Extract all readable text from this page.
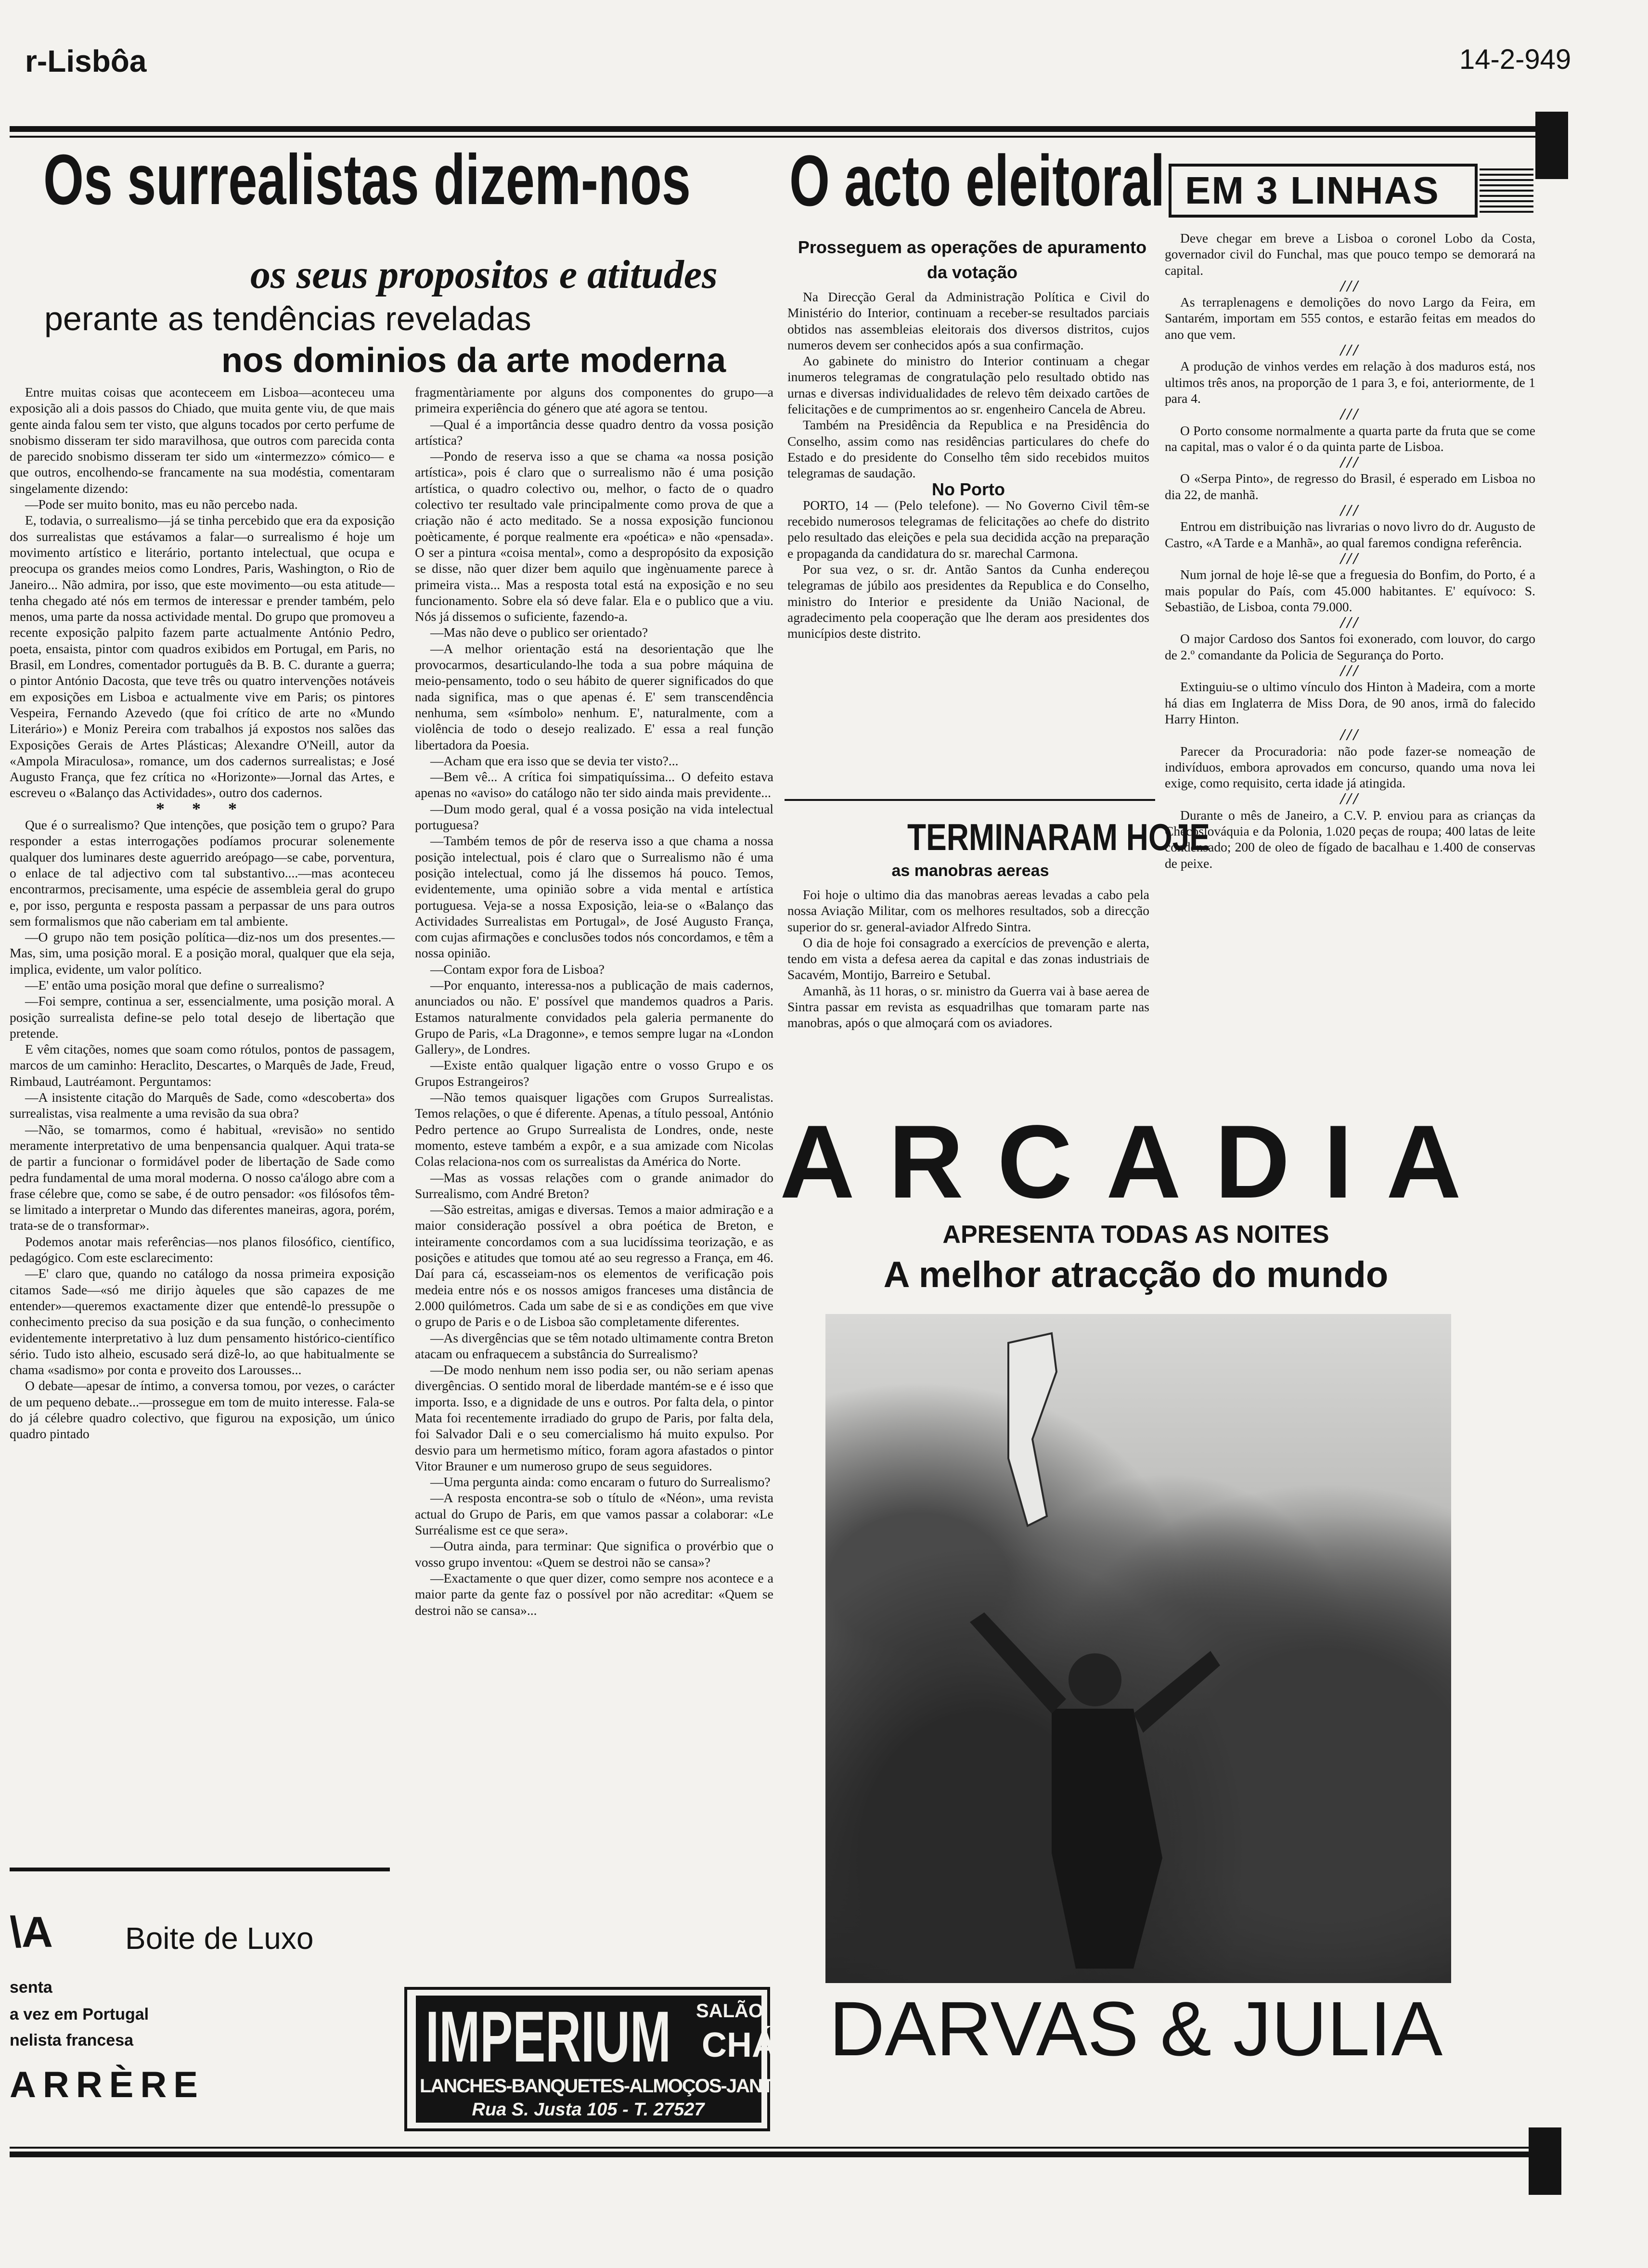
r-Lisbôa	14-2-949
Os surrealistas dizem-nos
os seus propositos e atitudes
perante as tendências reveladas
nos dominios da arte moderna

Entre muitas coisas que aconteceem em Lisboa—aconteceu uma exposição ali a dois passos do Chiado, que muita gente viu, de que mais gente ainda falou sem ter visto, que alguns tocados por certo perfume de snobismo disseram ter sido maravilhosa, que outros com parecida conta de parecido snobismo disseram ter sido um «intermezzo» cómico— e que outros, encolhendo-se francamente na sua modéstia, comentaram singelamente dizendo:

—Pode ser muito bonito, mas eu não percebo nada.

E, todavia, o surrealismo—já se tinha percebido que era da exposição dos surrealistas que estávamos a falar—o surrealismo é hoje um movimento artístico e literário, portanto intelectual, que ocupa e preocupa os grandes meios como Londres, Paris, Washington, o Rio de Janeiro... Não admira, por isso, que este movimento—ou esta atitude—tenha chegado até nós em termos de interessar e prender também, pelo menos, uma parte da nossa actividade mental. Do grupo que promoveu a recente exposição palpito fazem parte actualmente António Pedro, poeta, ensaista, pintor com quadros exibidos em Portugal, em Paris, no Brasil, em Londres, comentador português da B. B. C. durante a guerra; o pintor António Dacosta, que teve três ou quatro intervenções notáveis em exposições em Lisboa e actualmente vive em Paris; os pintores Vespeira, Fernando Azevedo (que foi crítico de arte no «Mundo Literário») e Moniz Pereira com trabalhos já expostos nos salões das Exposições Gerais de Artes Plásticas; Alexandre O'Neill, autor da «Ampola Miraculosa», romance, um dos cadernos surrealistas; e José Augusto França, que fez crítica no «Horizonte»—Jornal das Artes, e escreveu o «Balanço das Actividades», outro dos cadernos.

* * *

Que é o surrealismo? Que intenções, que posição tem o grupo? Para responder a estas interrogações podíamos procurar solenemente qualquer dos luminares deste aguerrido areópago—se cabe, porventura, o enlace de tal adjectivo com tal substantivo....—mas aconteceu encontrarmos, precisamente, uma espécie de assembleia geral do grupo e, por isso, pergunta e resposta passam a perpassar de uns para outros sem formalismos que não caberiam em tal ambiente.

—O grupo não tem posição política—diz-nos um dos presentes.—Mas, sim, uma posição moral. E a posição moral, qualquer que ela seja, implica, evidente, um valor político.

—E' então uma posição moral que define o surrealismo?

—Foi sempre, continua a ser, essencialmente, uma posição moral. A posição surrealista define-se pelo total desejo de libertação que pretende.

E vêm citações, nomes que soam como rótulos, pontos de passagem, marcos de um caminho: Heraclito, Descartes, o Marquês de Jade, Freud, Rimbaud, Lautréamont. Perguntamos:

—A insistente citação do Marquês de Sade, como «descoberta» dos surrealistas, visa realmente a uma revisão da sua obra?

—Não, se tomarmos, como é habitual, «revisão» no sentido meramente interpretativo de uma benpensancia qualquer. Aqui trata-se de partir a funcionar o formidável poder de libertação de Sade como pedra fundamental de uma moral moderna. O nosso ca'álogo abre com a frase célebre que, como se sabe, é de outro pensador: «os filósofos têm-se limitado a interpretar o Mundo das diferentes maneiras, agora, porém, trata-se de o transformar».

Podemos anotar mais referências—nos planos filosófico, científico, pedagógico. Com este esclarecimento:

—E' claro que, quando no catálogo da nossa primeira exposição citamos Sade—«só me dirijo àqueles que são capazes de me entender»—queremos exactamente dizer que entendê-lo pressupõe o conhecimento preciso da sua posição e da sua função, o conhecimento evidentemente interpretativo à luz dum pensamento histórico-científico sério. Tudo isto alheio, escusado será dizê-lo, ao que habitualmente se chama «sadismo» por conta e proveito dos Larousses...

O debate—apesar de íntimo, a conversa tomou, por vezes, o carácter de um pequeno debate...—prossegue em tom de muito interesse. Fala-se do já célebre quadro colectivo, que figurou na exposição, um único quadro pintado

fragmentàriamente por alguns dos componentes do grupo—a primeira experiência do género que até agora se tentou.

—Qual é a importância desse quadro dentro da vossa posição artística?

—Pondo de reserva isso a que se chama «a nossa posição artística», pois é claro que o surrealismo não é uma posição artística, o quadro colectivo ou, melhor, o facto de o quadro colectivo ter resultado vale principalmente como prova de que a criação não é acto meditado. Se a nossa exposição funcionou poèticamente, é porque realmente era «poética» e não «pensada». O ser a pintura «coisa mental», como a despropósito da exposição se disse, não quer dizer bem aquilo que ingènuamente parece à primeira vista... Mas a resposta total está na exposição e no seu funcionamento. Sobre ela só deve falar. Ela e o publico que a viu. Nós já dissemos o suficiente, fazendo-a.

—Mas não deve o publico ser orientado?

—A melhor orientação está na desorientação que lhe provocarmos, desarticulando-lhe toda a sua pobre máquina de meio-pensamento, todo o seu hábito de querer significados do que nada significa, mas o que apenas é. E' sem transcendência nenhuma, sem «símbolo» nenhum. E', naturalmente, com a violência de todo o desejo realizado. E' essa a real função libertadora da Poesia.

—Acham que era isso que se devia ter visto?...

—Bem vê... A crítica foi simpatiquíssima... O defeito estava apenas no «aviso» do catálogo não ter sido ainda mais previdente...

—Dum modo geral, qual é a vossa posição na vida intelectual portuguesa?

—Também temos de pôr de reserva isso a que chama a nossa posição intelectual, pois é claro que o Surrealismo não é uma posição intelectual, como já lhe dissemos há pouco. Temos, evidentemente, uma opinião sobre a vida mental e artística portuguesa. Veja-se a nossa Exposição, leia-se o «Balanço das Actividades Surrealistas em Portugal», de José Augusto França, com cujas afirmações e conclusões todos nós concordamos, e têm a nossa opinião.

—Contam expor fora de Lisboa?

—Por enquanto, interessa-nos a publicação de mais cadernos, anunciados ou não. E' possível que mandemos quadros a Paris. Estamos naturalmente convidados pela galeria permanente do Grupo de Paris, «La Dragonne», e temos sempre lugar na «London Gallery», de Londres.

—Existe então qualquer ligação entre o vosso Grupo e os Grupos Estrangeiros?

—Não temos quaisquer ligações com Grupos Surrealistas. Temos relações, o que é diferente. Apenas, a título pessoal, António Pedro pertence ao Grupo Surrealista de Londres, onde, neste momento, esteve também a expôr, e a sua amizade com Nicolas Colas relaciona-nos com os surrealistas da América do Norte.

—Mas as vossas relações com o grande animador do Surrealismo, com André Breton?

—São estreitas, amigas e diversas. Temos a maior admiração e a maior consideração possível a obra poética de Breton, e inteiramente concordamos com a sua lucidíssima teorização, e as posições e atitudes que tomou até ao seu regresso a França, em 46. Daí para cá, escasseiam-nos os elementos de verificação pois medeia entre nós e os nossos amigos franceses uma distância de 2.000 quilómetros. Cada um sabe de si e as condições em que vive o grupo de Paris e o de Lisboa são completamente diferentes.

—As divergências que se têm notado ultimamente contra Breton atacam ou enfraquecem a substância do Surrealismo?

—De modo nenhum nem isso podia ser, ou não seriam apenas divergências. O sentido moral de liberdade mantém-se e é isso que importa. Isso, e a dignidade de uns e outros. Por falta dela, o pintor Mata foi recentemente irradiado do grupo de Paris, por falta dela, foi Salvador Dali e o seu comercialismo há muito expulso. Por desvio para um hermetismo mítico, foram agora afastados o pintor Vitor Brauner e um numeroso grupo de seus seguidores.

—Uma pergunta ainda: como encaram o futuro do Surrealismo?

—A resposta encontra-se sob o título de «Néon», uma revista actual do Grupo de Paris, em que vamos passar a colaborar: «Le Surréalisme est ce que sera».

—Outra ainda, para terminar: Que significa o provérbio que o vosso grupo inventou: «Quem se destroi não se cansa»?

—Exactamente o que quer dizer, como sempre nos acontece e a maior parte da gente faz o possível por não acreditar: «Quem se destroi não se cansa»...

O acto eleitoral
Prosseguem as operações de apuramento da votação

Na Direcção Geral da Administração Política e Civil do Ministério do Interior, continuam a receber-se resultados parciais obtidos nas assembleias eleitorais dos diversos distritos, cujos numeros devem ser conhecidos após a sua confirmação.

Ao gabinete do ministro do Interior continuam a chegar inumeros telegramas de congratulação pelo resultado obtido nas urnas e diversas individualidades de relevo têm deixado cartões de felicitações e de cumprimentos ao sr. engenheiro Cancela de Abreu.

Também na Presidência da Republica e na Presidência do Conselho, assim como nas residências particulares do chefe do Estado e do presidente do Conselho têm sido recebidos muitos telegramas de saudação.

No Porto

PORTO, 14 — (Pelo telefone). — No Governo Civil têm-se recebido numerosos telegramas de felicitações ao chefe do distrito pelo resultado das eleições e pela sua decidida acção na preparação e propaganda da candidatura do sr. marechal Carmona.

Por sua vez, o sr. dr. Antão Santos da Cunha endereçou telegramas de júbilo aos presidentes da Republica e do Conselho, ministro do Interior e presidente da União Nacional, de agradecimento pela cooperação que lhe deram aos presidentes dos municípios deste distrito.

TERMINARAM HOJE
as manobras aereas

Foi hoje o ultimo dia das manobras aereas levadas a cabo pela nossa Aviação Militar, com os melhores resultados, sob a direcção superior do sr. general-aviador Alfredo Sintra.

O dia de hoje foi consagrado a exercícios de prevenção e alerta, tendo em vista a defesa aerea da capital e das zonas industriais de Sacavém, Montijo, Barreiro e Setubal.

Amanhã, às 11 horas, o sr. ministro da Guerra vai à base aerea de Sintra passar em revista as esquadrilhas que tomaram parte nas manobras, após o que almoçará com os aviadores.

EM 3 LINHAS

Deve chegar em breve a Lisboa o coronel Lobo da Costa, governador civil do Funchal, mas que pouco tempo se demorará na capital.

///

As terraplenagens e demolições do novo Largo da Feira, em Santarém, importam em 555 contos, e estarão feitas em meados do ano que vem.

///

A produção de vinhos verdes em relação à dos maduros está, nos ultimos três anos, na proporção de 1 para 3, e foi, anteriormente, de 1 para 4.

///

O Porto consome normalmente a quarta parte da fruta que se come na capital, mas o valor é o da quinta parte de Lisboa.

///

O «Serpa Pinto», de regresso do Brasil, é esperado em Lisboa no dia 22, de manhã.

///

Entrou em distribuição nas livrarias o novo livro do dr. Augusto de Castro, «A Tarde e a Manhã», ao qual faremos condigna referência.

///

Num jornal de hoje lê-se que a freguesia do Bonfim, do Porto, é a mais popular do País, com 45.000 habitantes. E' equívoco: S. Sebastião, de Lisboa, conta 79.000.

///

O major Cardoso dos Santos foi exonerado, com louvor, do cargo de 2.º comandante da Policia de Segurança do Porto.

///

Extinguiu-se o ultimo vínculo dos Hinton à Madeira, com a morte há dias em Inglaterra de Miss Dora, de 90 anos, irmã do falecido Harry Hinton.

///

Parecer da Procuradoria: não pode fazer-se nomeação de indivíduos, embora aprovados em concurso, quando uma nova lei exige, como requisito, certa idade já atingida.

///

Durante o mês de Janeiro, a C.V. P. enviou para as crianças da Checoslováquia e da Polonia, 1.020 peças de roupa; 400 latas de leite condensado; 200 de oleo de fígado de bacalhau e 1.400 de conservas de peixe.

ARCADIA
APRESENTA TODAS AS NOITES
A melhor atracção do mundo
DARVAS & JULIA
\A Boite de Luxo
senta
a vez em Portugal
nelista francesa
ARRÈRE
IMPERIUM SALÃO
CHÁ
LANCHES-BANQUETES-ALMOÇOS-JANTARES
Rua S. Justa 105 - T. 27527
